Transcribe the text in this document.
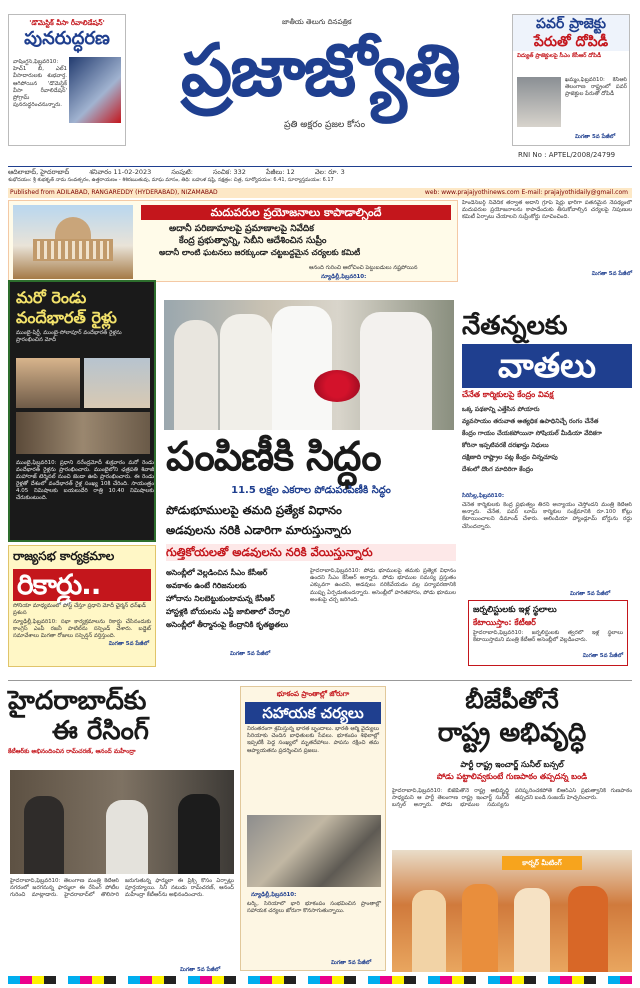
'డొమెస్టిక్ వీసా రీవాలిడేషన్'
పునరుద్ధరణ
వాషింగ్టన్,ఫిబ్రవరి10: హెచ్1 బీ, ఎల్1 వీసాదారులకు శుభవార్త. ఆగిపోయిన 'డొమెస్టిక్ వీసా రీవాలిడేషన్' ప్రోగ్రామ్ పునరుద్ధరించనున్నారు.
జాతీయ తెలుగు దినపత్రిక
ప్రజాజ్యోతి
ప్రతి అక్షరం ప్రజల కోసం
పవర్ ప్రాజెక్టు
పేరుతో దోపిడీ
విద్యుత్ ప్రాజెక్టులపై సీఎం కేసీఆర్ దోపిడీ
ఖమ్మం,ఫిబ్రవరి10: కేసీఆర్ తెలంగాణ రాష్ట్రంలో పవర్ ప్రాజెక్టుల పేరుతో దోపిడీ
మిగతా 5వ పేజీలో
RNI No : APTEL/2008/24799
ఆదిలాబాద్, హైదరాబాద్	శనివారం 11-02-2023	సంపుటి:	సంచిక: 332	పేజీలు: 12	వెల: రూ. 3
శుభోదయం: శ్రీ శుభకృత్ నామ సంవత్సరం, ఉత్తరాయణం - శిశిరఋతువు, మాఘ మాసం, తిథి: బహుళ షష్ఠి, నక్షత్రం: చిత్ర, సూర్యోదయం: 6.41, సూర్యాస్తమయం: 6.17
Published from ADILABAD, RANGAREDDY (HYDERABAD), NIZAMABAD	web: www.prajajyothinews.com E-mail: prajajyothidaily@gmail.com
మదుపరుల ప్రయోజనాలు కాపాడాల్సిందే
అదానీ పరిణామాలపై ప్రమాణాలపై నివేదిక
కేంద్ర ప్రభుత్వాన్ని, సెబీని ఆదేశించిన సుప్రీం
అదానీ లాంటి ఘటనలు జరక్కుండా చట్టబద్దమైన చర్యలకు కమిటీ
ఆనంది గురించి ఆలోచించి పెట్టుబడులు నష్టపోయిన
న్యూఢిల్లీ,ఫిబ్రవరి10:
హిండెన్‌బర్గ్ నివేదిక తర్వాత అదానీ గ్రూప్ షేర్లు భారీగా పతనమైన నేపథ్యంలో మదుపరుల ప్రయోజనాలను కాపాడేందుకు తీసుకోవాల్సిన చర్యలపై నిపుణుల కమిటీ ఏర్పాటు చేయాలని సుప్రీంకోర్టు సూచించింది.
మిగతా 5వ పేజీలో
మరో రెండు
వందేభారత్ రైళ్లు
ముంబై-షిర్డీ, ముంబై-సోలాపూర్ వందేభారత్ రైళ్లను ప్రారంభించిన మోదీ
ముంబై,ఫిబ్రవరి10: ప్రధాని నరేంద్రమోదీ శుక్రవారం మరో రెండు వందేభారత్ రైళ్లను ప్రారంభించారు. ముంబైలోని ఛత్రపతి శివాజీ మహారాజ్ టెర్మినల్ నుంచి జెండా ఊపి ప్రారంభించారు. ఈ రెండు రైళ్లతో దేశంలో వందేభారత్ రైళ్ల సంఖ్య 10కి చేరింది. సాయంత్రం 4.05 నిమిషాలకు బయలుదేరి రాత్రి 10.40 నిమిషాలకు చేరుకుంటుంది.
రాజ్యసభ కార్యక్రమాల
రికార్డు..
సోనియా మాధ్యమంలో పోస్ట్ చేస్తూ ప్రధాని మోదీ ఛైర్మన్ ధన్‌ఖడ్ ప్రశంస
న్యూఢిల్లీ,ఫిబ్రవరి10: సభా కార్యక్రమాలను రికార్డు చేసినందుకు కాంగ్రెస్ ఎంపీ రజనీ పాటిల్‌ను సస్పెండ్ చేశారు. బడ్జెట్ సమావేశాలు మిగతా రోజులు సస్పెన్షన్ వర్తిస్తుంది.
మిగతా 5వ పేజీలో
పంపిణీకి సిద్ధం
11.5 లక్షల ఎకరాల పోడుపంపిణీకి సిద్ధం
పోడుభూములపై తమది ప్రత్యేక విధానం
అడవులను నరికి ఎడారిగా మారుస్తున్నారు
గుత్తికోయలతో అడవులను నరికి వేయిస్తున్నారు
అసెంబ్లీలో వెల్లడించిన సీఎం కేసీఆర్
అవకాశం ఉంటే గిరిజనులకు
హోదాను నిలబెట్టుకుంటామన్న కేసీఆర్
హాస్టళ్లకి బోయలను ఎస్టీ జాబితాలో చేర్చాలి
అసెంబ్లీలో తీర్మానంపై కేంద్రానికి కృతజ్ఞతలు
హైదరాబాద్,ఫిబ్రవరి10: పోడు భూములపై తమకు ప్రత్యేక విధానం ఉందని సీఎం కేసీఆర్ అన్నారు. పోడు భూముల సమస్య ప్రస్తుతం ఎక్కువగా ఉందని, అడవులు నరికివేయడం వల్ల పర్యావరణానికి ముప్పు ఏర్పడుతుందన్నారు. అసెంబ్లీలో హరితహారం, పోడు భూముల అంశంపై చర్చ జరిగింది.
మిగతా 5వ పేజీలో
నేతన్నలకు
వాతలు
చేనేత కార్మికులపై కేంద్రం వివక్ష
ఒక్క పథకాన్ని ఎత్తేసిన పోయారు
వ్యవసాయం తరువాత అత్యధిక ఉపాధినిచ్చే రంగం చేనేత
కేంద్రం గాయం చేయకపోయినా సోషియల్ మీడియా వేదికగా
కోరినా ఇప్పటివరకే దరఖాస్తు నిధులు
దక్షిణాది రాష్ట్రాల పట్ల కేంద్రం చిన్నచూపు
దేశంలో దొంగ మాదిరిగా కేంద్రం
సిరిసిల్ల,ఫిబ్రవరి10:
చేనేత కార్మికులకు కేంద్ర ప్రభుత్వం తీరని అన్యాయం చేస్తోందని మంత్రి కేటీఆర్ అన్నారు. చేనేత, పవర్ లూమ్ కార్మికుల సంక్షేమానికి రూ.100 కోట్లు కేటాయించాలని డిమాండ్ చేశారు. ఆలిండియా హ్యాండ్లూమ్ బోర్డును రద్దు చేసిందన్నారు.
మిగతా 5వ పేజీలో
జర్నలిస్టులకు ఇళ్ల స్థలాలు
కేటాయిస్తాం: కేటీఆర్
హైదరాబాద్,ఫిబ్రవరి10: జర్నలిస్టులకు త్వరలో ఇళ్ల స్థలాలు కేటాయిస్తామని మంత్రి కేటీఆర్ అసెంబ్లీలో వెల్లడించారు.
మిగతా 5వ పేజీలో
హైదరాబాద్‌కు
ఈ రేసింగ్
కేటీఆర్‌కు అభినందించిన రామ్‌చరణ్, ఆనంద్ మహీంద్రా
హైదరాబాద్,ఫిబ్రవరి10: తెలంగాణ మంత్రి కేటీఆర్ నగరంలో జరగనున్న ఫార్ములా ఈ రేసింగ్ పోటీల గురించి మాట్లాడారు. హైదరాబాద్‌లో తొలిసారి జరుగుతున్న ఫార్ములా ఈ ప్రిక్స్ కోసం ఏర్పాట్లు పూర్తయ్యాయి. సినీ నటుడు రామ్‌చరణ్, ఆనంద్ మహీంద్రా కేటీఆర్‌ను అభినందించారు.
మిగతా 5వ పేజీలో
భూకంప ప్రాంతాల్లో జోరుగా
సహాయక చర్యలు
నిరంతరంగా శ్రమిస్తున్న భారత బృందాలు. భారత్ ఆర్మీ వైద్యులు సిరియాకు చెందిన బాధితులకు సేవలు. భూకంపం శిథిలాల్లో ఇప్పటికీ పెద్ద సంఖ్యలో మృతదేహాలు. పాపను రక్షించి తమ ఆప్యాయతను ప్రదర్శించిన ప్రజలు.
న్యూఢిల్లీ,ఫిబ్రవరి10:
టర్కీ, సిరియాలో భారీ భూకంపం సంభవించిన ప్రాంతాల్లో సహాయక చర్యలు జోరుగా కొనసాగుతున్నాయి.
మిగతా 5వ పేజీలో
బీజేపీతోనే
రాష్ట్ర అభివృద్ధి
పార్టీ రాష్ట్ర ఇంచార్జ్ సునీల్ బన్సల్
పోడు పట్టాలివ్వకుంటే గుణపాఠం తప్పదన్న బండి
హైదరాబాద్,ఫిబ్రవరి10: బీజేపీతోనే రాష్ట్ర అభివృద్ధి సాధ్యమని ఆ పార్టీ తెలంగాణ రాష్ట్ర ఇంచార్జ్ సునీల్ బన్సల్ అన్నారు. పోడు భూముల సమస్యను పరిష్కరించకపోతే బీఆర్ఎస్ ప్రభుత్వానికి గుణపాఠం తప్పదని బండి సంజయ్ హెచ్చరించారు.
కార్నర్ మీటింగ్
